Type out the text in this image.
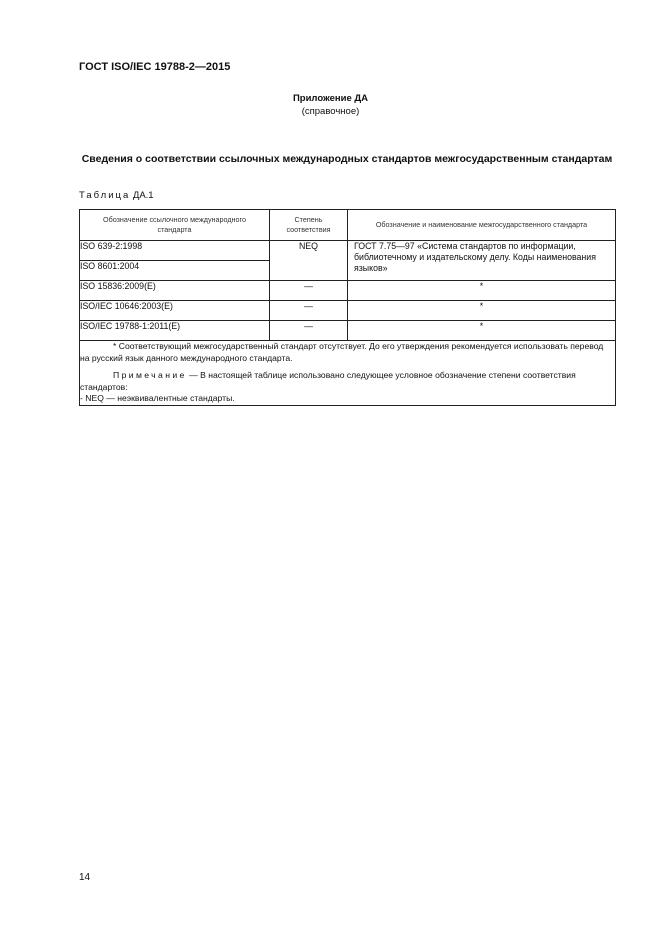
ГОСТ ISO/IEC 19788-2—2015
Приложение ДА
(справочное)
Сведения о соответствии ссылочных международных стандартов межгосударственным стандартам
Таблица ДА.1
Обозначение ссылочного международного стандарта	Степень соответствия	Обозначение и наименование межгосударственного стандарта
ISO 639-2:1998	NEQ	ГОСТ 7.75—97 «Система стандартов по информации, библиотечному и издательскому делу. Коды наименования языков»
ISO 8601:2004		
ISO 15836:2009(E)	—	*
ISO/IEC 10646:2003(E)	—	*
ISO/IEC 19788-1:2011(E)	—	*

* Соответствующий межгосударственный стандарт отсутствует. До его утверждения рекомендуется использовать перевод на русский язык данного международного стандарта.

Примечание — В настоящей таблице использовано следующее условное обозначение степени соответствия стандартов:

- NEQ — неэквивалентные стандарты.		

14
